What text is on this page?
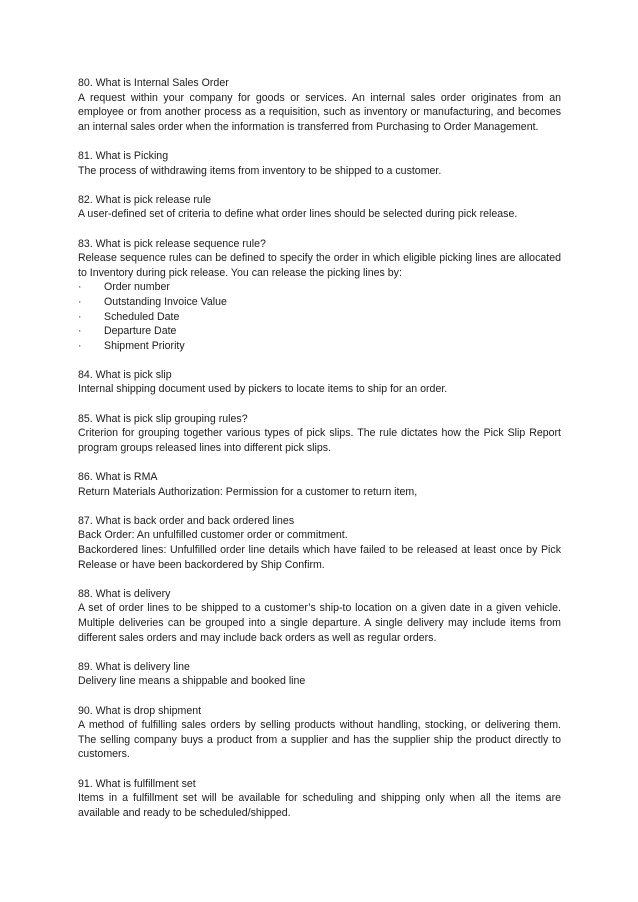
80. What is Internal Sales Order

A request within your company for goods or services. An internal sales order originates from an employee or from another process as a requisition, such as inventory or manufacturing, and becomes an internal sales order when the information is transferred from Purchasing to Order Management.

81. What is Picking

The process of withdrawing items from inventory to be shipped to a customer.

82. What is pick release rule

A user-defined set of criteria to define what order lines should be selected during pick release.

83. What is pick release sequence rule?

Release sequence rules can be defined to specify the order in which eligible picking lines are allocated to Inventory during pick release. You can release the picking lines by:

·	Order number
·	Outstanding Invoice Value
·	Scheduled Date
·	Departure Date
·	Shipment Priority

84. What is pick slip

Internal shipping document used by pickers to locate items to ship for an order.

85. What is pick slip grouping rules?

Criterion for grouping together various types of pick slips. The rule dictates how the Pick Slip Report program groups released lines into different pick slips.

86. What is RMA

Return Materials Authorization: Permission for a customer to return item,

87. What is back order and back ordered lines

Back Order: An unfulfilled customer order or commitment.

Backordered lines: Unfulfilled order line details which have failed to be released at least once by Pick Release or have been backordered by Ship Confirm.

88. What is delivery

A set of order lines to be shipped to a customer’s ship-to location on a given date in a given vehicle. Multiple deliveries can be grouped into a single departure. A single delivery may include items from different sales orders and may include back orders as well as regular orders.

89. What is delivery line

Delivery line means a shippable and booked line

90. What is drop shipment

A method of fulfilling sales orders by selling products without handling, stocking, or delivering them. The selling company buys a product from a supplier and has the supplier ship the product directly to customers.

91. What is fulfillment set

Items in a fulfillment set will be available for scheduling and shipping only when all the items are available and ready to be scheduled/shipped.
